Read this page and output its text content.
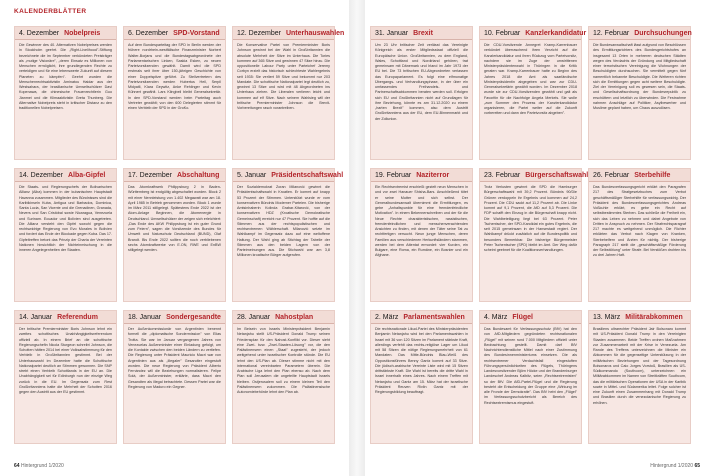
KALENDERBLÄTTER
4. Dezember Nobelpreis
Die Gewinner des 40. Alternativen Nobelpreises werden in Stockholm geehrt. Die „Right-Livelihood"-Stiftung bezeichnete die im September verkündeten Preisträger als „mutige Visionäre", „deren Einsatz es Millionen von Menschen ermöglicht, ihre grundlegenden Rechte zu verteidigen und für eine lebenswerte Zukunft auf diesem Planeten zu kämpfen". Geehrt wurden die Menschenrechtsaktivistin Aminatou Haidar aus der Westsahara, der brasilianische Umweltschützer Davi Kopenawa, die chinesische Frauenrechtlerin Guo Jianmei und die Klimaaktivistin Greta Thunberg. Die Alternative Nobelpreis steht in kritischer Distanz zu den traditionellen Nobelpreisen.
6. Dezember SPD-Vorstand
Auf dem Bundesparteitag der SPD in Berlin werden der frühere nordrhein-westfälische Finanzminister Norbert Walter-Borjans und die Bundestagsabgeordnete der Parlamentarischen Linken, Saskia Esken, zu neuen Parteivorsitzenden gewählt. Damit wird die SPD erstmals seit ihrer über 150-jährigen Geschichte von einer Doppelspitze geführt. Zu Stellvertretern des Parteivorsitzenden werden Hubertus Heil, Serpil Midyatli, Klara Geywitz, Anke Rehlinger und Kevin Kühnert gewählt. Lars Klingbeil bleibt Generalsekretär. In den SPD-Vorstand werden beim Parteitag auch Vertreter gewählt; von den 600 Delegierten stimmt für einen Verbleib der SPD in der GroKo.
12. Dezember Unterhauswahlen
Die Konservative Partei von Premierminister Boris Johnson gewinnt bei der Wahl in Großbritannien die absolute Mehrheit der Sitze im Unterhaus. Die Tories kommen auf 365 Sitze und gewinnen 47 Sitze hinzu. Die oppositionelle Labour Party unter Parteichef Jeremy Corbyn erzielt das historisch schlechteste Wahlergebnis seit 1935: Sie verliert 59 Sitze und bekommt nur 203 Mandate. Die schottische Nationalpartei legt deutlich zu, gewinnt 13 Sitze und wird mit 48 Abgeordneten ins Unterhaus ziehen. Die Liberalen verlieren leicht und kommen auf elf Sitze. Nach seinem Wahlsieg will der britische Premierminister Johnson die Brexit-Vorbereitungen rasch vorantreiben.
14. Dezember Alba-Gipfel
Die Staats- und Regierungschefs der Bolivarischen Allianz (Alba) kommen in der kubanischen Hauptstadt Havanna zusammen. Mitglieder des Bündnisses sind die Karibikinseln Kuba, Antigua und Barbados, Dominica, Santa Lucia, San Vicente und die Grenadinen, Granada, Nevers und San Cristóbal sowie Nicaragua, Venezuela und Surinam. Ecuador und Bolivien sind ausgetreten. Die Allianz versteht den Gipfel sowohl gegen die rechtswidrige Regierung von Evo Morales in Bolivien und fordert das Ende der Blockade gegen Kuba. Das 17. Gipfeltreffen betont das Prinzip der Charta der Vereinten Nationen hinsichtlich der Nichteinmischung in die inneren Angelegenheiten der Staaten.
17. Dezember Abschaltung
Das Atomkraftwerk Philippsburg 2 in Baden-Württemberg ist endgültig abgeschaltet worden. Block 2 mit einer Nennleistung von 1.402 Megawatt war am 18. April 1985 in Betrieb genommen worden. Block 1 wurde im März 2011 stillgelegt. Spätestens Ende 2022 ist der Atom-Anlage Beginnen, die Atomenergie in Deutschland. Umweltschützer der zeigen sich erleichtert: „Das Ende des AKW Philippsburg ist ein guter Grund zum Feiern", sagen die Vorsitzende des Bundes für Umwelt und Naturschutz Deutschland (BUND), Olaf Brandt. Bis Ende 2022 sollten die noch verbliebenen sechs Atomkraftwerke von E.ON, RWE und EnBW stillgelegt werden.
5. Januar Präsidentschaftswahl
Der Sozialdemokrat Zoran Milanović gewinnt die Präsidentschaftswahl in Kroatien. Er kommt auf knapp 53 Prozent der Stimmen. Unterstützt wurde er vom konservativen Bündnis Moderner Parteien. Die bisherige Amtsinhaberin Kolinda Grabar-Kitarović, von der konservativen HDZ (Kroatische Demokratische Gemeinschaft) erreicht nur 47 Prozent. Sie hoffte auf die Stimmen aus der rechtspopulistischen und rechtsextremen Wählerschaft. Milanović setzte im Wahlkampf im Gegensatz dazu auf eine weltoffene Haltung. Der Wahl ging ab Stichtag der Tabelle der Stimmen aus den beiden Lagern von der Parteimeinungen aus. Die Stichwahl war am 3,8 Millionen kroatische Bürger aufgerufen.
14. Januar Referendum
Der britische Premierminister Boris Johnson lehnt ein zweites schottisches Unabhängigkeitsreferendum offiziell ab. In einem Brief an die schottische Regierungschefin Nicola Sturgeon schreibt Johnson, die Schotten hätten 2014 bei einer Volksabstimmung für den Verbleib in Großbritannien gestimmt. Bei der Unterhauswahl im Dezember hatte die Schottische Nationalpartei deutlich an Stimmen gewonnen. Die SNP strebt einen Verbleib Schottlands in der EU an. Die Unabhängigkeit sei für Edinburgh nun der einzige Weg zurück in die EU. Im Gegensatz zum Rest Großbritanniens hatte die Mehrheit der Schotten 2016 gegen den Austritt aus der EU gestimmt.
18. Januar Sondergesandte
Der Außenkommissionär von Argentinien benennt formell die „diplomatische Sondermission" von Elias Trotta. Sie war im Januar vergangenen Jahres von Venezuelas Außenminister einer Einladung gefolgt, um die Kontakte zwischen den beiden Ländern zu vertiefen. Die Regierung unter Präsident Mauricio Macri war von Argentinien aus als „illegaler" Gesandter eingestuft worden. Die neue Regierung von Präsident Alberto Fernández will die Beziehungen normalisieren. Felipe Solá, der Außenminister, erklärte, dass Macri den Gesandten als illegal betrachtete. Dessen Partei war die Regierung von Maduro ein Gegner.
28. Januar Nahostplan
Im Beisein von Israels Ministerpräsident Benjamin Netanjahu stellt US-Präsident Donald Trump seinen Friedensplan für den Nahost-Konflikt vor. Dieser sieht eine Zwei- bzw. „Zwei-Staaten-Lösung" vor, die den Palästinensern einen „Staat" zugesteht, der jedoch weitgehend unter israelischer Kontrolle stünde. Die EU lehnt den US-Plan ab. Dieser stimme nicht mit den international vereinbarten Parametern überein. Die Arabische Liga lehnt den Plan ebenso ab. Nach dem Plan soll Jerusalem die ungeteilte Hauptstadt Israels bleiben. Ostjerusalem soll zu einem kleinen Teil den Palästinensern zukommen. Die Palästinensische Autonomiebehörde lehnt den Plan ab.
64 Hintergrund 1/2020
31. Januar Brexit
Um 23 Uhr britischer Zeit verlässt das Vereinigte Königreich als erster Mitgliedsstaat offiziell die Europäische Union. Großbritannien, zu dem England, Wales, Schottland und Nordirland gehören, trat gemeinsam mit Dänemark und Irland im Jahr 1973 der EU bei. Die 73 britischen EU-Abgeordneten verlassen das Europaparlament. Es folgt eine elfmonatige Übergangs- und Verhandlungsphase, in der über ein umfassendes Freihandels- und Partnerschaftsabkommen beraten werden soll. Erfolgen sich EU und Großbritannien nicht auf Grundlagen für ihre Beziehung, könnte es am 31.12.2020 zu einem „harten Brexit" kommen, also dem Austritt Großbritanniens aus der EU, dem EU-Binnenmarkt und der Zollunion.
10. Februar Kanzlerkandidatur
Die CDU-Vorsitzende Annegret Kramp-Karrenbauer verkündet überraschend ihren Verzicht auf die Kanzlerkandidatur und ihren Rückzug vom Parteivorsitz, nachdem sie im Zuge der umstrittenen Ministerpräsidentenwahl in Thüringen in die Kritik geraten war. Kramp-Karrenbauer hatte zu Beginn des Jahres 2018 die Amt als saarländische Ministerpräsidentin abgegeben und war zur CDU-Generalsekretärin gewählt worden. Im Dezember 2018 wurde sie zur CDU-Vorsitzenden gewählt und galt als Favoritin für die Nachfolge Angela Merkels. Sie wolle „zum Sommer den Prozess der Kanzlerkandidatur organisieren, die Partei weiter auf die Zukunft vorbereiten und dann den Parteivorsitz abgeben".
12. Februar Durchsuchungen
Die Bundesanwaltschaft lässt aufgrund von Beschlüssen des Ermittlungsrichters des Bundesgerichtshofes an insgesamt 13 Orten in mehreren deutschen Städten wegen des Verdachts der Gründung und Mitgliedschaft einer terroristischen Vereinigung die Wohnungen der Beschuldigten durchsuchen. Sie vermittelt gegen fünf namentlich bekannte Beschuldigte. Die Weiteren richten sich die Ermittlungen gegen acht weitere Beschuldigte. Ziel der Vereinigung soll es gewesen sein, die Staats- und Gesellschaftsordnung der Bundesrepublik zu erschüttern und letztlich zu überwinden. Die Festnahme nahmen Anschläge auf Politiker, Asylbewerber und Muslime geplant haben, um Chaos auszulösen.
19. Februar Naziterror
Ein Rechtsextremist erschießt gezielt neun Menschen in und vor zwei Hanauer Shisha-Bars. Anschließend tötet er seine Mutter und sich selbst. Der Generalbundesanwalt übernimmt die Ermittlungen, es gebe „Anhaltspunkte für eine fremdenfeindliche Motivation". In einem Bekennerschreiben und der für die Neue Rechte charakteristischen, rassistischen, fremdenfeindlichen und menschenverachtenden Ansichten zu finden, mit denen der Täter seine Tat zu rechtfertigen versucht. Neun junge Menschen, deren Familien aus verschiedenen Herkunftsländern stammen, werden bei dem Attentat ermordet: vier Kurden, ein Bulgare, eine Roma, ein Rumäne, ein Bosnier und ein Afghane.
23. Februar Bürgerschaftswahl
Trotz Verlusten gewinnt die SPD die Hamburger Bürgerschaftswahl mit 39,2 Prozent. Bündnis 90/Die Grünen verdoppeln ihr Ergebnis und kommen auf 24,2 Prozent. Die CDU sackt auf 11,2 Prozent ab. Die Linke kommt auf 9,1 Prozent, die AfD auf 5,3 Prozent. Die FDP schafft den Einzug in die Bürgerschaft knapp nicht. Die Wahlbeteiligung liegt bei 63 Prozent. Peter Tschentscher, der SPD-Kandidat ein gutes Ergebnis, die seit 2015 gemeinsam in der Hansestadt regiert. Der Wahlkampf drückt zusätzlich auf die Bundespolitik und besonders Bemerkbar. Die bisherige Bürgermeister Peter Tschentscher (SPD) bleibt im Amt. Der Weg dafür scheint geebnet für die Koalitionsverhandlungen.
26. Februar Sterbehilfe
Das Bundesverfassungsgericht erklärt den Paragrafen 217 des Strafgesetzbuches zum Verbot geschäftsmäßiger Sterbehilfe für verfassungswidrig. Der Präsident des Bundesverfassungsgerichtes Andreas Voßkuhle erklärt, es gebe ein Recht auf selbstbestimmtes Sterben. Das schließe die Freiheit ein, sich das Leben zu nehmen und dabei Angebote von Dritten in Anspruch zu nehmen. Der Strafrechtsparagraf 217 machte es weitgehend unmöglich. Die Richter erklärten das Verbot nach Klagen von Kranken, Sterbehelfern und Ärzten für nichtig. Der bisherige Paragraph 217 stellt die „geschäftsmäßige Förderung der Selbsttötung" unter Strafe. Bei Verstößen drohten bis zu drei Jahren Haft.
2. März Parlamentswahlen
Die rechtsnationale Likud-Partei des Ministerpräsidenten Benjamin Netanjahu wird bei den Parlamentswahlen in Israel mit 36 von 120 Sitzen im Parlament stärkste Kraft, allerdings verfehlt das rechts-religiöse Lager um Likud mit 58 Sitzen die nötige Regierungsmehrheit von 61 Mandaten. Das Mitte-Bündnis Blau-Weiß des Oppositionsführers Benny Gantz kommt auf 33 Sitze. Die jüdisch-arabische Vereinte Liste wird mit 15 Sitzen drittstärkste Kraft. Die Wahl ist bereits die dritte Wahl in Israel innerhalb eines Jahres. Nach einem Treffen mit Netanjahu und Gantz am 15. März hat der israelische Präsident Reuven Rivlin Gantz mit der Regierungsbildung beauftragt.
4. März Flügel
Das Bundesamt für Verfassungsschutz (BfV) hat den von AfD-Mitgliedern gegründeten rechtsnationalen „Flügel" mit seinen rund 7.000 Mitgliedern offiziell unter Beobachtung gestellt. Damit darf BfV Nachrichtendienstliche Mittel nach einer Zustimmung des Bundesinnenministeriums einsetzen. Die als rechtsextremer Verdachtsfall eingestuften Führungspersönlichkeiten des Flügels, Thüringens Landesvorsitzender Björn Höcke und der Brandenburger Landeschef Andreas Kalbitz, seien „Rechtsextremisten" so der BfV. Die AfD-Partei-Flügel und die Regierung besteht die Entscheidung der Gruppe eine „Wirkung im alle Fronde der Demokratie". Das BfV hebt den „Flügel" im Verfassungsschutzbericht als Bereich des Rechtsextremismus eingestuft.
13. März Militärabkommen
Brasiliens ultrarechter Präsident Jair Bolsonaro kommt mit US-Präsident Donald Trump in den Vereinigten Staaten zusammen. Beide Treffen ordnen Maßnahmen zur Zusammenarbeit mit der Krise in Venezuela. Am Rande des Treffens unterzeichnen die Minister ein Abkommen für die gegenseitige Unterstützung in der militärischen Beziehungen und der Tagesordnung Bolsonaros und Caio Jorges Vorstoß, Brasilien als US-Südkommando (Southcom), unterzeichnen ein Militärabkommen im Namen von Streitkräften Southcom, das die militärischen Operationen der USA in der Karibik sowie in Mittel- und Südamerika leitet. Folge solcher ist eine Zukunft einen Zusammenhang mit Donald Trump und Brasilien durch die venezolanische Regierung zu erhöhen.
Hintergrund 1/2020 65
